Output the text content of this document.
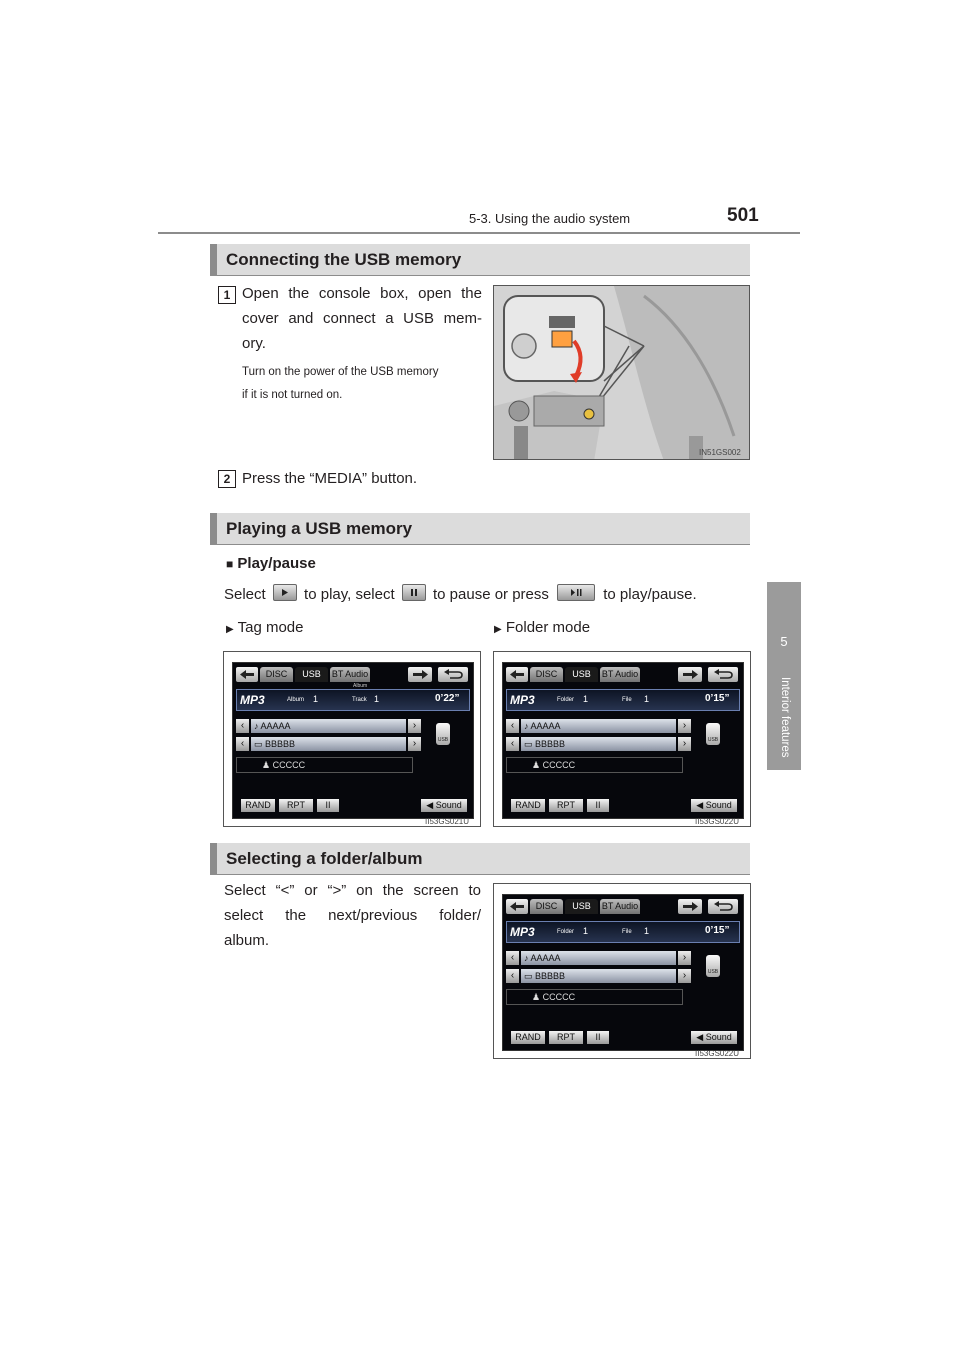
5-3. Using the audio system	501
5
Interior features
Connecting the USB memory
1 Open the console box, open the
cover and connect a USB mem-
ory.
Turn on the power of the USB memory
if it is not turned on.
IN51GS002
2 Press the “MEDIA” button.
Playing a USB memory
■ Play/pause
Select	to play, select	to pause or press	to play/pause.
▶ Tag mode	▶ Folder mode
DISC	USB	BT Audio
Album
MP3	Album 1	Track 1	0’22”
‹	♪ AAAAA	›
‹	▭ BBBBB	›
♟ CCCCC
USB
RAND	RPT	II	◀ Sound
II53GS021U
DISC	USB	BT Audio
MP3	Folder 1	File 1	0’15”
‹	♪ AAAAA	›
‹	▭ BBBBB	›
♟ CCCCC
USB
RAND	RPT	II	◀ Sound
II53GS022U
Selecting a folder/album
Select “<” or “>” on the screen to
select the next/previous folder/
album.
DISC	USB	BT Audio
MP3	Folder 1	File 1	0’15”
‹	♪ AAAAA	›
‹	▭ BBBBB	›
♟ CCCCC
USB
RAND	RPT	II	◀ Sound
II53GS022U
